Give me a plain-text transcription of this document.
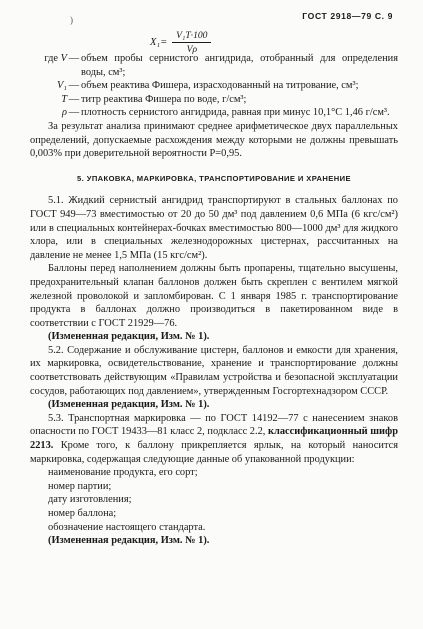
)	ГОСТ 2918—79 С. 9
$X_1= \frac{\text{V₁T·100}}{V\rho}$
где V — объем пробы сернистого ангидрида, отобранный для определения воды, см³;
V₁ — объем реактива Фишера, израсходованный на титрование, см³;
T — титр реактива Фишера по воде, г/см³;
ρ — плотность сернистого ангидрида, равная при минус 10,1°С 1,46 г/см³.

За результат анализа принимают среднее арифметическое двух параллельных определений, допускаемые расхождения между которыми не должны превышать 0,003% при доверительной вероятности P=0,95.

5. УПАКОВКА, МАРКИРОВКА, ТРАНСПОРТИРОВАНИЕ И ХРАНЕНИЕ

5.1. Жидкий сернистый ангидрид транспортируют в стальных баллонах по ГОСТ 949—73 вместимостью от 20 до 50 дм³ под давлением 0,6 МПа (6 кгс/см²) или в специальных контейнерах-бочках вместимостью 800—1000 дм³ для жидкого хлора, или в специальных железнодорожных цистернах, рассчитанных на давление не менее 1,5 МПа (15 кгс/см²).

Баллоны перед наполнением должны быть пропарены, тщательно высушены, предохранительный клапан баллонов должен быть скреплен с вентилем мягкой железной проволокой и запломбирован. С 1 января 1985 г. транспортирование продукта в баллонах должно производиться в пакетированном виде в соответствии с ГОСТ 21929—76.

(Измененная редакция, Изм. № 1).

5.2. Содержание и обслуживание цистерн, баллонов и емкости для хранения, их маркировка, освидетельствование, хранение и транспортирование должны соответствовать действующим «Правилам устройства и безопасной эксплуатации сосудов, работающих под давлением», утвержденным Госгортехнадзором СССР.

(Измененная редакция, Изм. № 1).

5.3. Транспортная маркировка — по ГОСТ 14192—77 с нанесением знаков опасности по ГОСТ 19433—81 класс 2, подкласс 2.2, классификационный шифр 2213. Кроме того, к баллону прикрепляется ярлык, на который наносится маркировка, содержащая следующие данные об упакованной продукции:

наименование продукта, его сорт;

номер партии;

дату изготовления;

номер баллона;

обозначение настоящего стандарта.

(Измененная редакция, Изм. № 1).
